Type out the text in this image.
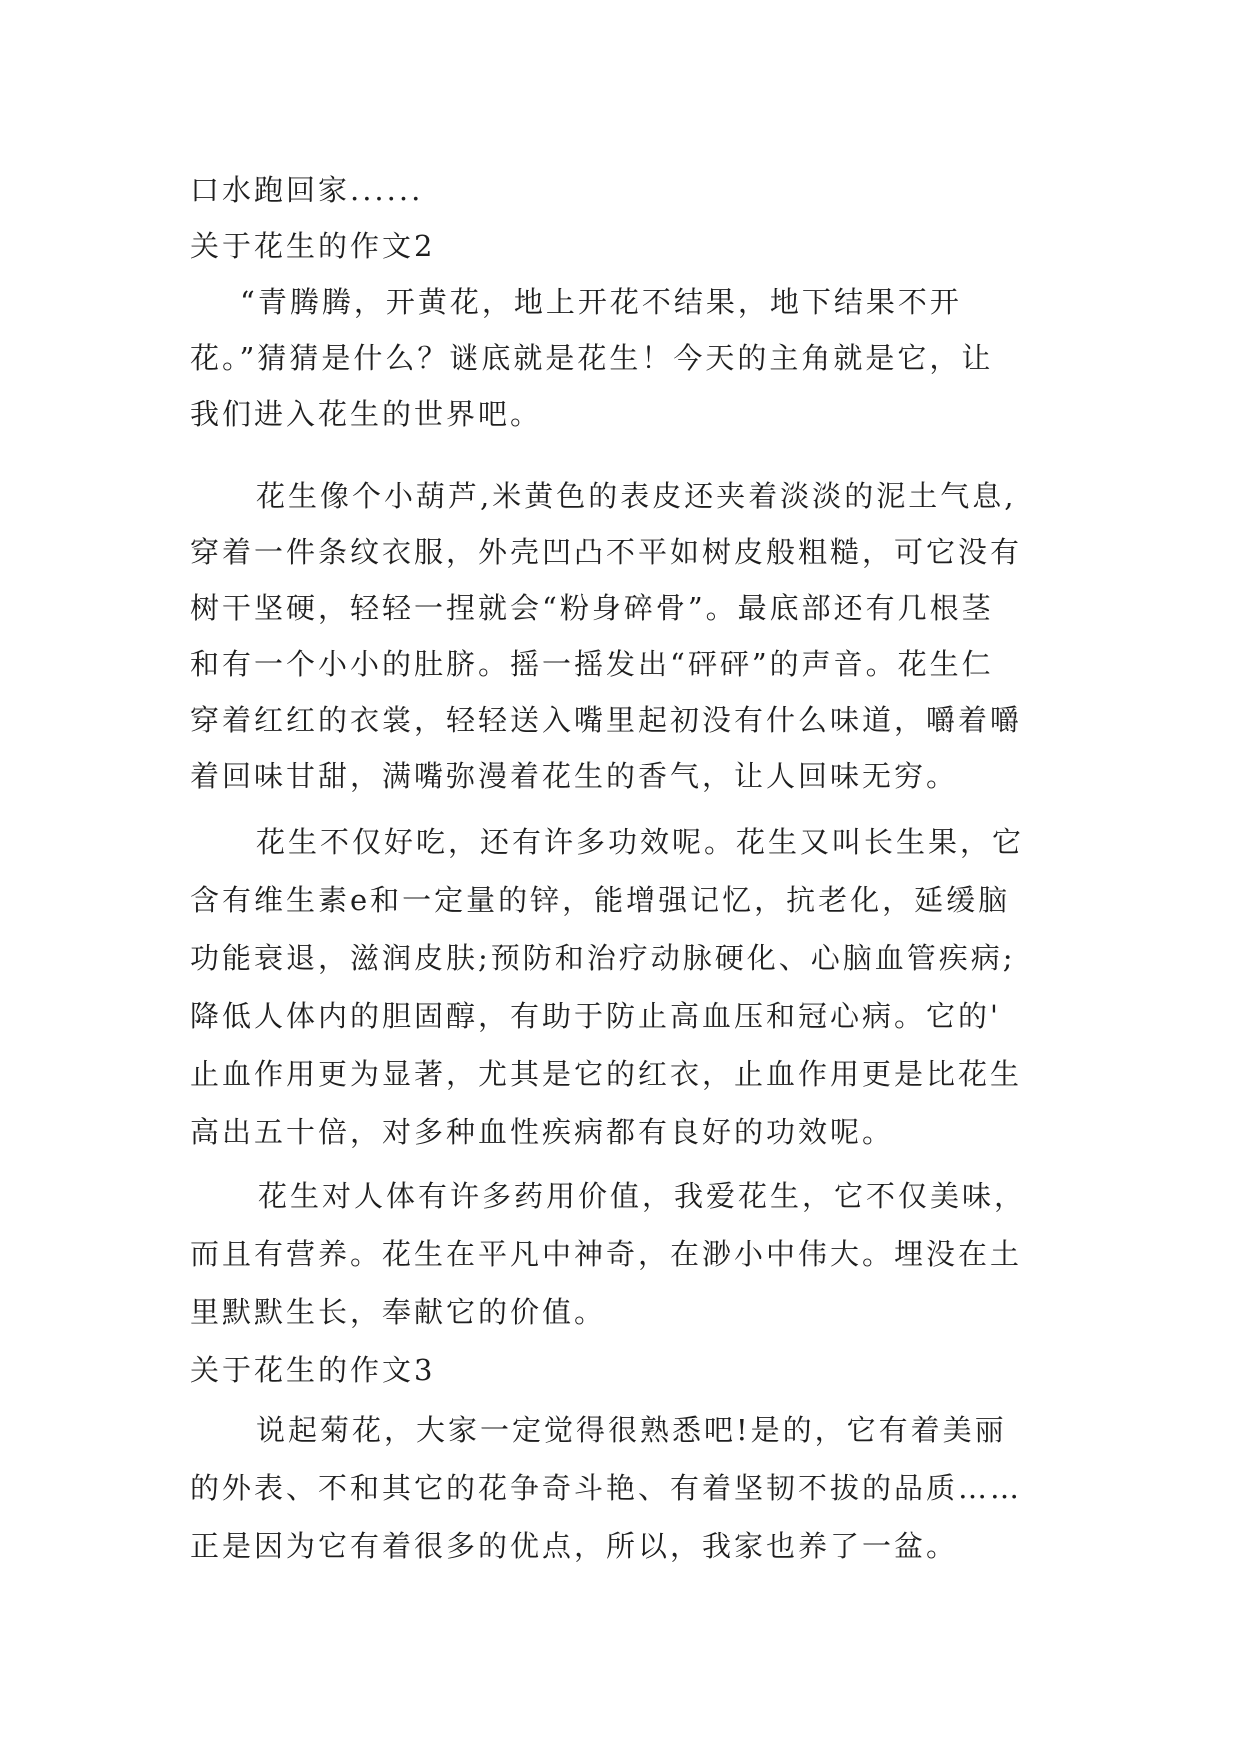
口水跑回家......
关于花生的作文2
“青腾腾，开黄花，地上开花不结果，地下结果不开
花。”猜猜是什么？谜底就是花生！今天的主角就是它，让
我们进入花生的世界吧。
花生像个小葫芦,米黄色的表皮还夹着淡淡的泥土气息,
穿着一件条纹衣服，外壳凹凸不平如树皮般粗糙，可它没有
树干坚硬，轻轻一捏就会“粉身碎骨”。最底部还有几根茎
和有一个小小的肚脐。摇一摇发出“砰砰”的声音。花生仁
穿着红红的衣裳，轻轻送入嘴里起初没有什么味道，嚼着嚼
着回味甘甜，满嘴弥漫着花生的香气，让人回味无穷。
花生不仅好吃，还有许多功效呢。花生又叫长生果，它
含有维生素e和一定量的锌，能增强记忆，抗老化，延缓脑
功能衰退，滋润皮肤;预防和治疗动脉硬化、心脑血管疾病;
降低人体内的胆固醇，有助于防止高血压和冠心病。它的'
止血作用更为显著，尤其是它的红衣，止血作用更是比花生
高出五十倍，对多种血性疾病都有良好的功效呢。
花生对人体有许多药用价值，我爱花生，它不仅美味，
而且有营养。花生在平凡中神奇，在渺小中伟大。埋没在土
里默默生长，奉献它的价值。
关于花生的作文3
说起菊花，大家一定觉得很熟悉吧!是的，它有着美丽
的外表、不和其它的花争奇斗艳、有着坚韧不拔的品质……
正是因为它有着很多的优点，所以，我家也养了一盆。
